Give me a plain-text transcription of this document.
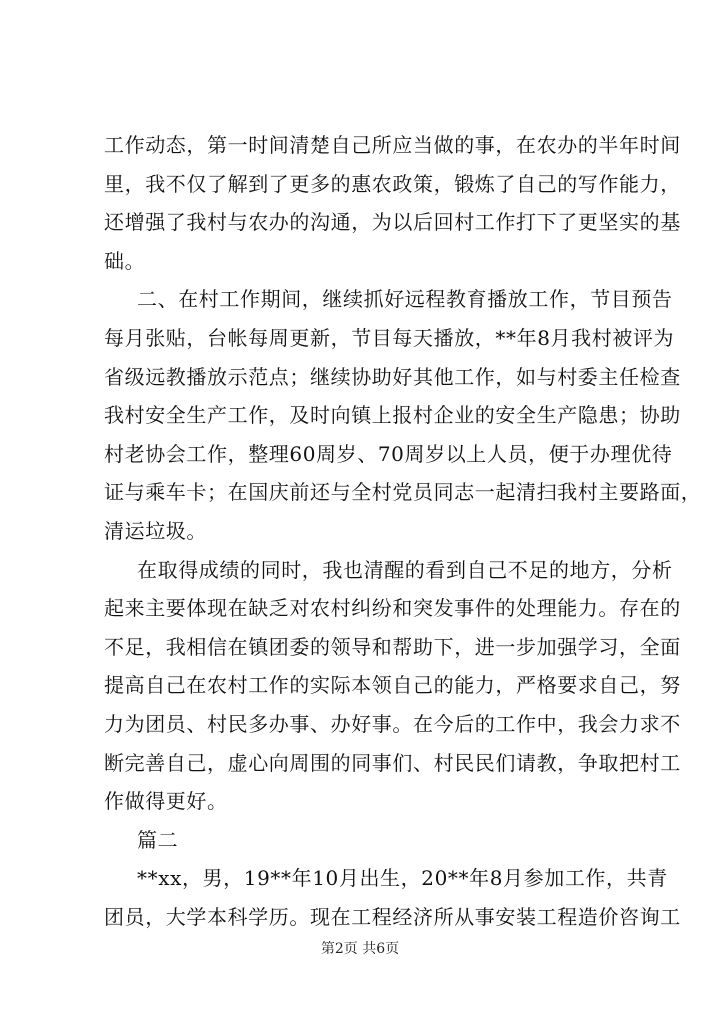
工作动态，第一时间清楚自己所应当做的事，在农办的半年时间
里，我不仅了解到了更多的惠农政策，锻炼了自己的写作能力，
还增强了我村与农办的沟通，为以后回村工作打下了更坚实的基
础。
二、在村工作期间，继续抓好远程教育播放工作，节目预告
每月张贴，台帐每周更新，节目每天播放，**年8月我村被评为
省级远教播放示范点；继续协助好其他工作，如与村委主任检查
我村安全生产工作，及时向镇上报村企业的安全生产隐患；协助
村老协会工作，整理60周岁、70周岁以上人员，便于办理优待
证与乘车卡；在国庆前还与全村党员同志一起清扫我村主要路面，
清运垃圾。
在取得成绩的同时，我也清醒的看到自己不足的地方，分析
起来主要体现在缺乏对农村纠纷和突发事件的处理能力。存在的
不足，我相信在镇团委的领导和帮助下，进一步加强学习，全面
提高自己在农村工作的实际本领自己的能力，严格要求自己，努
力为团员、村民多办事、办好事。在今后的工作中，我会力求不
断完善自己，虚心向周围的同事们、村民民们请教，争取把村工
作做得更好。
篇二
**xx，男，19**年10月出生，20**年8月参加工作，共青
团员，大学本科学历。现在工程经济所从事安装工程造价咨询工
第2页 共6页
